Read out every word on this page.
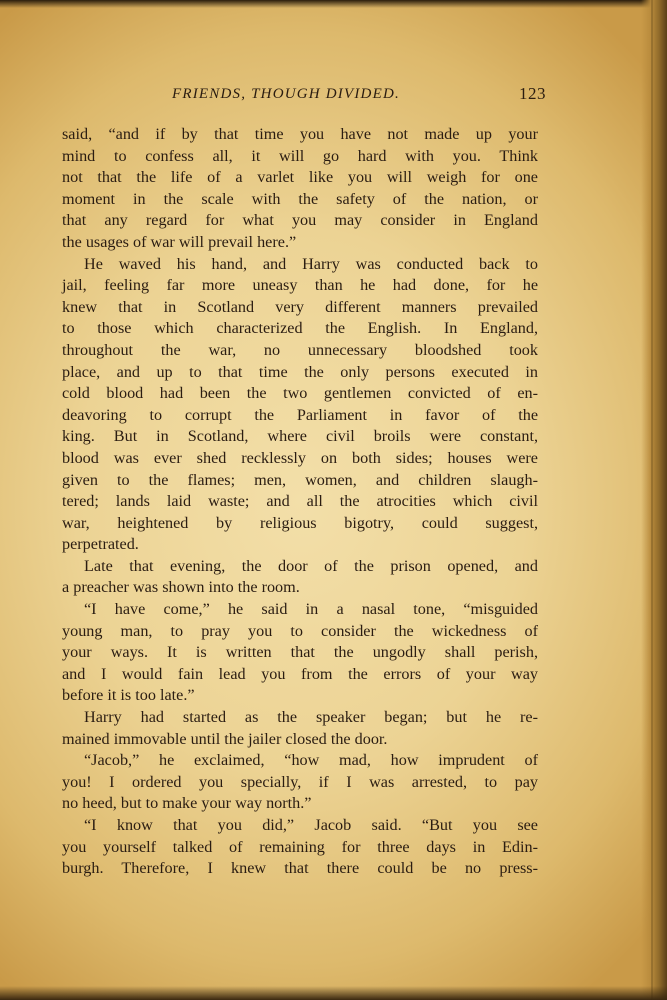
FRIENDS, THOUGH DIVIDED.	123
said, “and if by that time you have not made up your
mind to confess all, it will go hard with you. Think
not that the life of a varlet like you will weigh for one
moment in the scale with the safety of the nation, or
that any regard for what you may consider in England
the usages of war will prevail here.”
He waved his hand, and Harry was conducted back to
jail, feeling far more uneasy than he had done, for he
knew that in Scotland very different manners prevailed
to those which characterized the English. In England,
throughout the war, no unnecessary bloodshed took
place, and up to that time the only persons executed in
cold blood had been the two gentlemen convicted of en-
deavoring to corrupt the Parliament in favor of the
king. But in Scotland, where civil broils were constant,
blood was ever shed recklessly on both sides; houses were
given to the flames; men, women, and children slaugh-
tered; lands laid waste; and all the atrocities which civil
war, heightened by religious bigotry, could suggest,
perpetrated.
Late that evening, the door of the prison opened, and
a preacher was shown into the room.
“I have come,” he said in a nasal tone, “misguided
young man, to pray you to consider the wickedness of
your ways. It is written that the ungodly shall perish,
and I would fain lead you from the errors of your way
before it is too late.”
Harry had started as the speaker began; but he re-
mained immovable until the jailer closed the door.
“Jacob,” he exclaimed, “how mad, how imprudent of
you! I ordered you specially, if I was arrested, to pay
no heed, but to make your way north.”
“I know that you did,” Jacob said. “But you see
you yourself talked of remaining for three days in Edin-
burgh. Therefore, I knew that there could be no press-
